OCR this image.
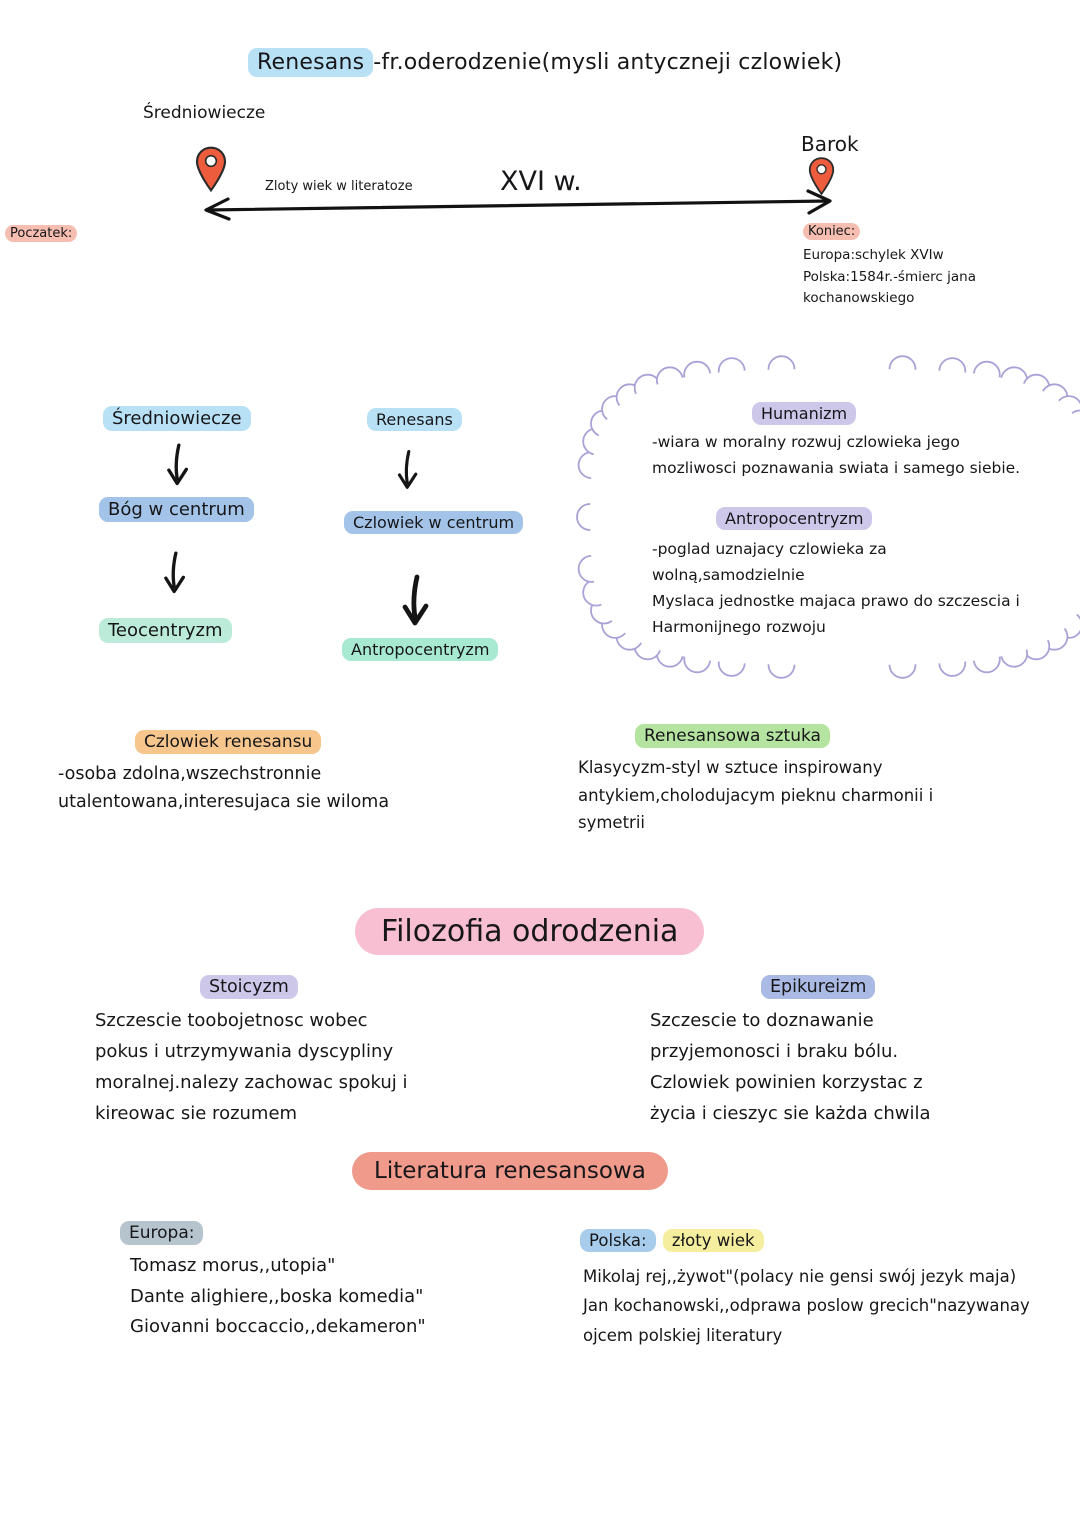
Renesans -fr.oderodzenie(mysli antyczneji czlowiek)
Średniowiecze
Barok
Zloty wiek w literatoze	XVI w.
Poczatek:	Koniec:
Europa:schylek XVIw
Polska:1584r.-śmierc jana
kochanowskiego
Średniowiecze
Bóg w centrum
Teocentryzm
Renesans
Czlowiek w centrum
Antropocentryzm
Humanizm
-wiara w moralny rozwuj czlowieka jego
mozliwosci poznawania swiata i samego siebie.
Antropocentryzm
-poglad uznajacy czlowieka za
wolną,samodzielnie
Myslaca jednostke majaca prawo do szczescia i
Harmonijnego rozwoju
Czlowiek renesansu
-osoba zdolna,wszechstronnie
utalentowana,interesujaca sie wiloma
Renesansowa sztuka
Klasycyzm-styl w sztuce inspirowany
antykiem,cholodujacym pieknu charmonii i
symetrii
Filozofia odrodzenia
Stoicyzm
Szczescie toobojetnosc wobec
pokus i utrzymywania dyscypliny
moralnej.nalezy zachowac spokuj i
kireowac sie rozumem
Epikureizm
Szczescie to doznawanie
przyjemonosci i braku bólu.
Czlowiek powinien korzystac z
życia i cieszyc sie każda chwila
Literatura renesansowa
Europa:
Tomasz morus,,utopia"
Dante alighiere,,boska komedia"
Giovanni boccaccio,,dekameron"
Polska: złoty wiek
Mikolaj rej,,żywot"(polacy nie gensi swój jezyk maja)
Jan kochanowski,,odprawa poslow grecich"nazywanay
ojcem polskiej literatury
